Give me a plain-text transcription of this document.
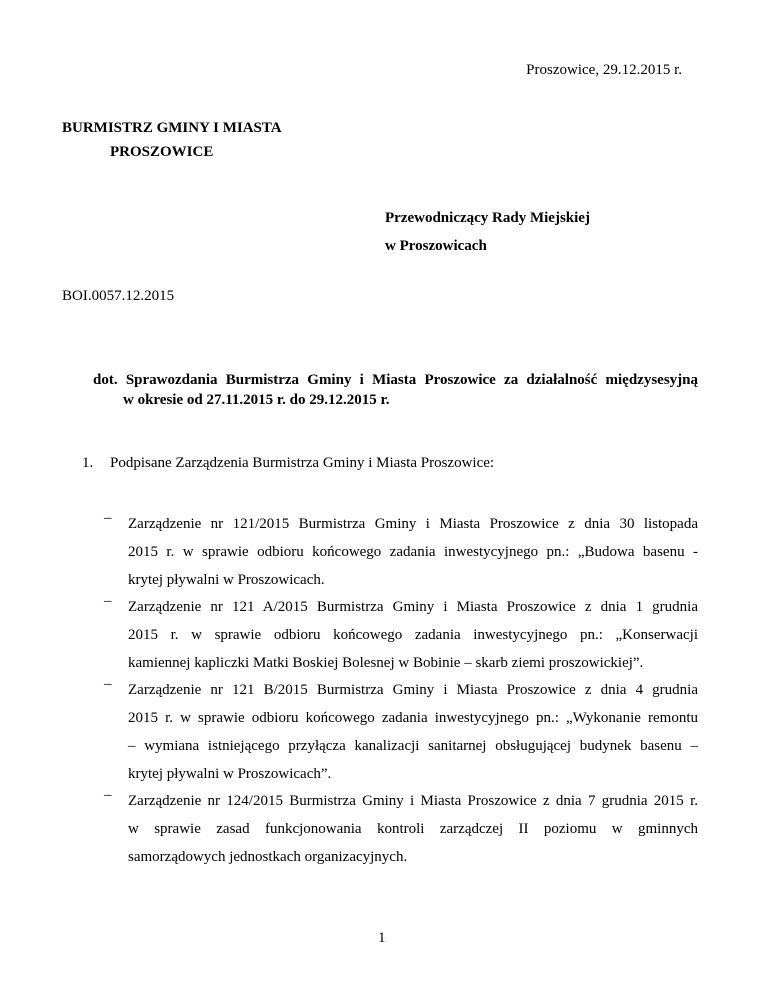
Proszowice, 29.12.2015 r.
BURMISTRZ GMINY I MIASTA
PROSZOWICE
Przewodniczący Rady Miejskiej
w Proszowicach
BOI.0057.12.2015
dot. Sprawozdania Burmistrza Gminy i Miasta Proszowice za działalność międzysesyjną
w okresie od 27.11.2015 r. do 29.12.2015 r.
1. Podpisane Zarządzenia Burmistrza Gminy i Miasta Proszowice:
–	Zarządzenie nr 121/2015 Burmistrza Gminy i Miasta Proszowice z dnia 30 listopada
2015 r. w sprawie odbioru końcowego zadania inwestycyjnego pn.: „Budowa basenu -
krytej pływalni w Proszowicach.
–	Zarządzenie nr 121 A/2015 Burmistrza Gminy i Miasta Proszowice z dnia 1 grudnia
2015 r. w sprawie odbioru końcowego zadania inwestycyjnego pn.: „Konserwacji
kamiennej kapliczki Matki Boskiej Bolesnej w Bobinie – skarb ziemi proszowickiej”.
–	Zarządzenie nr 121 B/2015 Burmistrza Gminy i Miasta Proszowice z dnia 4 grudnia
2015 r. w sprawie odbioru końcowego zadania inwestycyjnego pn.: „Wykonanie remontu
– wymiana istniejącego przyłącza kanalizacji sanitarnej obsługującej budynek basenu –
krytej pływalni w Proszowicach”.
–	Zarządzenie nr 124/2015 Burmistrza Gminy i Miasta Proszowice z dnia 7 grudnia 2015 r.
w sprawie zasad funkcjonowania kontroli zarządczej II poziomu w gminnych
samorządowych jednostkach organizacyjnych.
1
